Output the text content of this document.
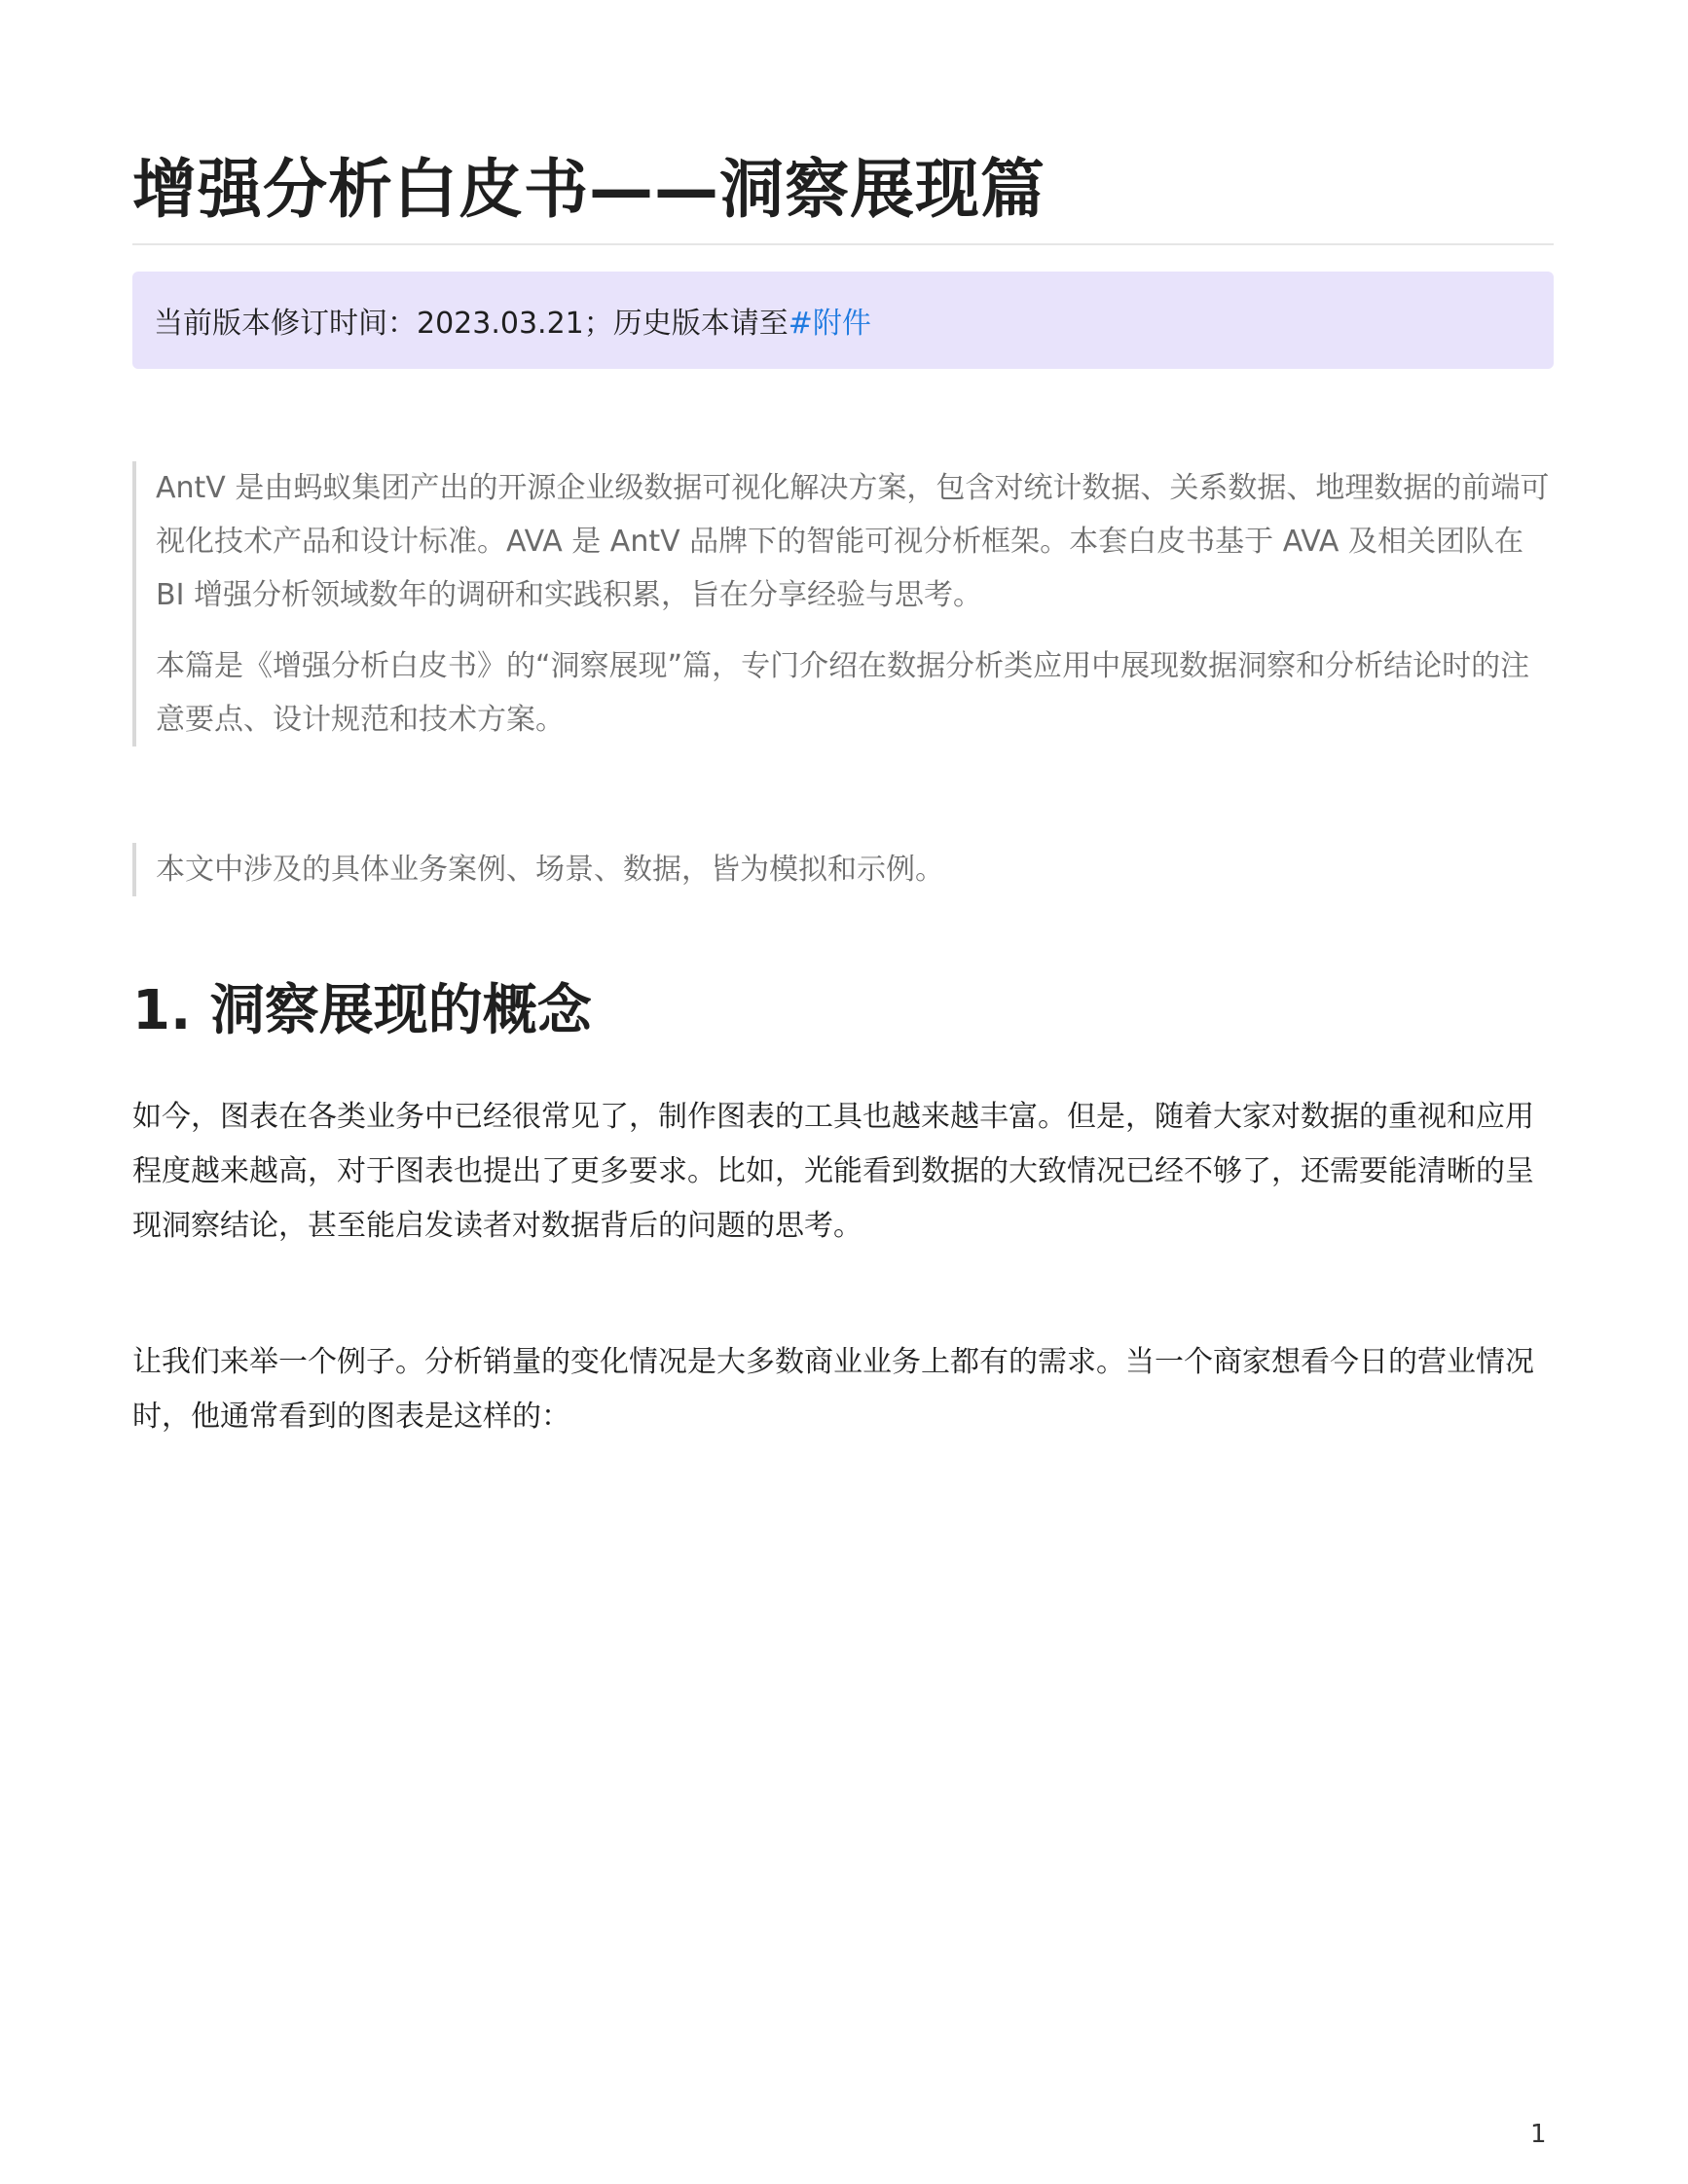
增强分析白皮书——洞察展现篇
当前版本修订时间：2023.03.21；历史版本请至 #附件

AntV 是由蚂蚁集团产出的开源企业级数据可视化解决方案，包含对统计数据、关系数据、地理数据的前端可视化技术产品和设计标准。AVA 是 AntV 品牌下的智能可视分析框架。本套白皮书基于 AVA 及相关团队在 BI 增强分析领域数年的调研和实践积累，旨在分享经验与思考。

本篇是《增强分析白皮书》的“洞察展现”篇，专门介绍在数据分析类应用中展现数据洞察和分析结论时的注意要点、设计规范和技术方案。

本文中涉及的具体业务案例、场景、数据，皆为模拟和示例。

1. 洞察展现的概念

如今，图表在各类业务中已经很常见了，制作图表的工具也越来越丰富。但是，随着大家对数据的重视和应用程度越来越高，对于图表也提出了更多要求。比如，光能看到数据的大致情况已经不够了，还需要能清晰的呈现洞察结论，甚至能启发读者对数据背后的问题的思考。

让我们来举一个例子。分析销量的变化情况是大多数商业业务上都有的需求。当一个商家想看今日的营业情况时，他通常看到的图表是这样的：

1
